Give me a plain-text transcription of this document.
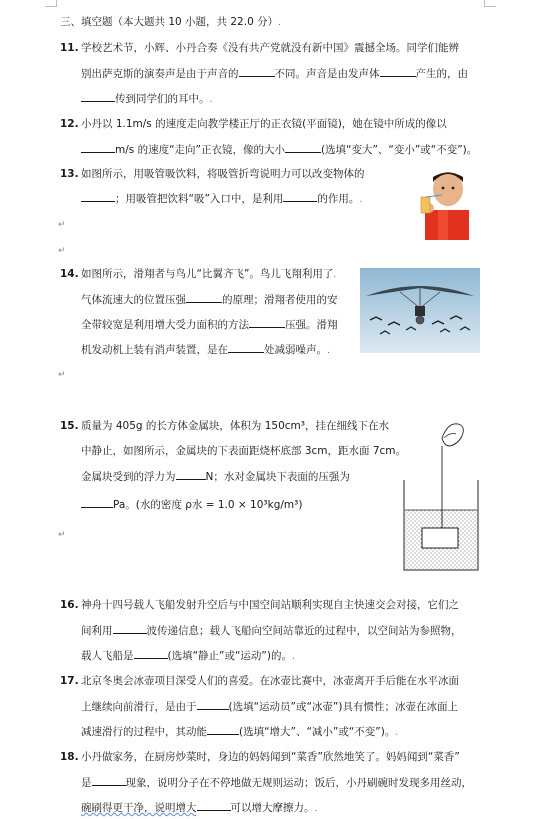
三、填空题（本大题共 10 小题，共 22.0 分）.
11. 学校艺术节，小辉、小丹合奏《没有共产党就没有新中国》震撼全场。同学们能辨
别出萨克斯的演奏声是由于声音的	不同。声音是由发声体	产生的，由
传到同学们的耳中。.
12. 小丹以 1.1m/s 的速度走向教学楼正厅的正衣镜(平面镜)，她在镜中所成的像以
m/s 的速度“走向”正衣镜，像的大小	(选填“变大”、“变小”或“不变”)。
13. 如图所示，用吸管吸饮料，将吸管折弯说明力可以改变物体的
；用吸管把饮料“吸”入口中，是利用	的作用。.
↵
↵
14. 如图所示，滑翔者与鸟儿“比翼齐飞”。鸟儿飞翔利用了.
气体流速大的位置压强	的原理；滑翔者使用的安
全带较宽是利用增大受力面积的方法	压强。滑翔
机发动机上装有消声装置，是在	处减弱噪声。.
↵
15. 质量为 405g 的长方体金属块，体积为 150cm³，挂在细线下在水
中静止，如图所示，金属块的下表面距烧杯底部 3cm，距水面 7cm。
金属块受到的浮力为	N；水对金属块下表面的压强为
Pa。(水的密度 ρ水 = 1.0 × 10³kg/m³)
↵
16. 神舟十四号载人飞船发射升空后与中国空间站顺利实现自主快速交会对接，它们之
间利用	波传递信息；载人飞船向空间站靠近的过程中，以空间站为参照物，
载人飞船是	(选填“静止”或“运动”)的。.
17. 北京冬奥会冰壶项目深受人们的喜爱。在冰壶比赛中，冰壶离开手后能在水平冰面
上继续向前滑行，是由于	(选填“运动员”或“冰壶”)具有惯性；冰壶在冰面上
减速滑行的过程中，其动能	(选填“增大”、“减小”或“不变”)。.
18. 小丹做家务，在厨房炒菜时，身边的妈妈闻到“菜香”欣然地笑了。妈妈闻到“菜香”
是	现象，说明分子在不停地做无规则运动；饭后，小丹刷碗时发现多用丝动，
碗刷得更干净，说明增大	可以增大摩擦力。.
